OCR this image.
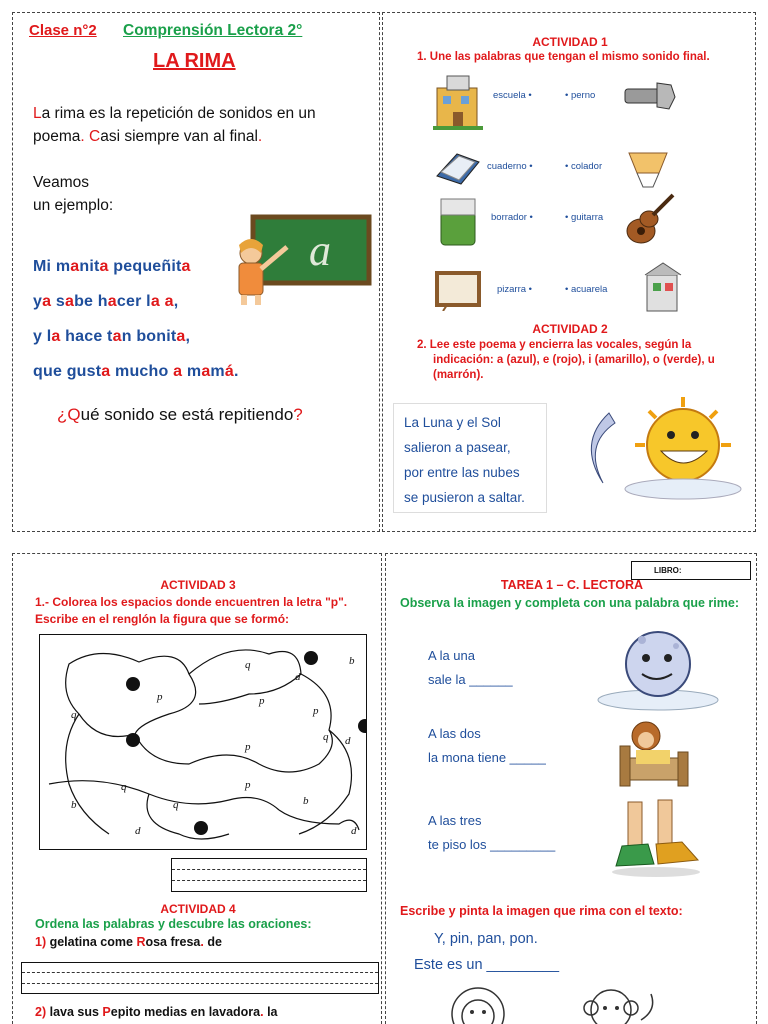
Clase n°2 Comprensión Lectora 2°
LA RIMA
La rima es la repetición de sonidos en un
poema. Casi siempre van al final.
Veamos
un ejemplo:
a
Mi manita pequeñita
ya sabe hacer la a,
y la hace tan bonita,
que gusta mucho a mamá.
¿Qué sonido se está repitiendo?
ACTIVIDAD 1
1. Une las palabras que tengan el mismo sonido final.
escuela •	• perno
cuaderno •	• colador
borrador •	• guitarra
pizarra •	• acuarela
ACTIVIDAD 2
2. Lee este poema y encierra las vocales, según la indicación: a (azul), e (rojo), i (amarillo), o (verde), u (marrón).
La Luna y el Sol
salieron a pasear,
por entre las nubes
se pusieron a saltar.
ACTIVIDAD 3
1.- Colorea los espacios donde encuentren la letra "p". Escribe en el renglón la figura que se formó:
q
d
b
p
q
p
p
q d
p
q
b
p
b
q
d	d
ACTIVIDAD 4
Ordena las palabras y descubre las oraciones:
1) gelatina come Rosa fresa. de
2) lava sus Pepito medias en lavadora. la
LIBRO:
TAREA 1 – C. LECTORA
Observa la imagen y completa con una palabra que rime:
A la una
sale la ______
A las dos
la mona tiene _____
A las tres
te piso los _________
Escribe y pinta la imagen que rima con el texto:
Y, pin, pan, pon.
Este es un _________
